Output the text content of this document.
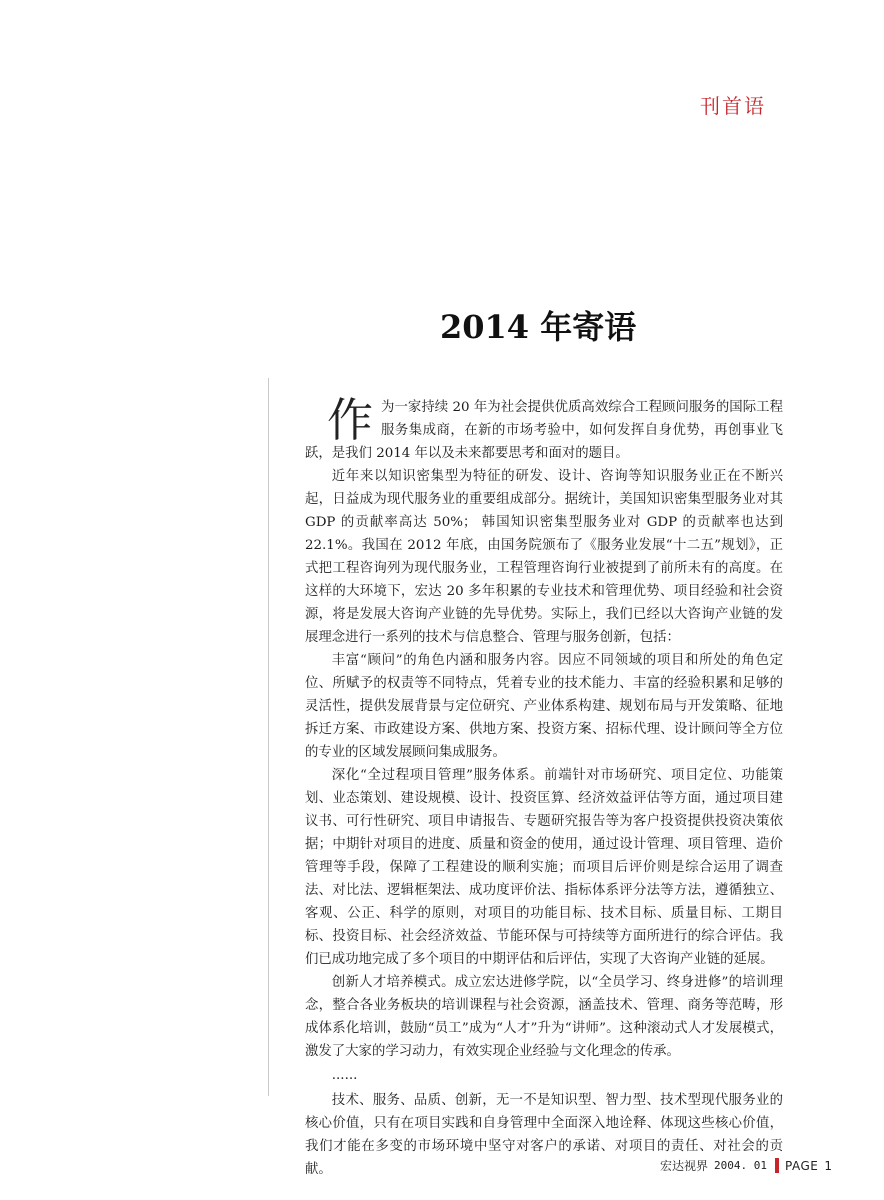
刊首语
2014 年寄语

作为一家持续 20 年为社会提供优质高效综合工程顾问服务的国际工程服务集成商，在新的市场考验中，如何发挥自身优势，再创事业飞跃，是我们 2014 年以及未来都要思考和面对的题目。

近年来以知识密集型为特征的研发、设计、咨询等知识服务业正在不断兴起，日益成为现代服务业的重要组成部分。据统计，美国知识密集型服务业对其 GDP 的贡献率高达 50%； 韩国知识密集型服务业对 GDP 的贡献率也达到 22.1%。我国在 2012 年底，由国务院颁布了《服务业发展“十二五”规划》，正式把工程咨询列为现代服务业，工程管理咨询行业被提到了前所未有的高度。在这样的大环境下，宏达 20 多年积累的专业技术和管理优势、项目经验和社会资源，将是发展大咨询产业链的先导优势。实际上，我们已经以大咨询产业链的发展理念进行一系列的技术与信息整合、管理与服务创新，包括：

丰富“顾问”的角色内涵和服务内容。因应不同领域的项目和所处的角色定位、所赋予的权责等不同特点，凭着专业的技术能力、丰富的经验积累和足够的灵活性，提供发展背景与定位研究、产业体系构建、规划布局与开发策略、征地拆迁方案、市政建设方案、供地方案、投资方案、招标代理、设计顾问等全方位的专业的区域发展顾问集成服务。

深化“全过程项目管理”服务体系。前端针对市场研究、项目定位、功能策划、业态策划、建设规模、设计、投资匡算、经济效益评估等方面，通过项目建议书、可行性研究、项目申请报告、专题研究报告等为客户投资提供投资决策依据；中期针对项目的进度、质量和资金的使用，通过设计管理、项目管理、造价管理等手段，保障了工程建设的顺利实施；而项目后评价则是综合运用了调查法、对比法、逻辑框架法、成功度评价法、指标体系评分法等方法，遵循独立、客观、公正、科学的原则，对项目的功能目标、技术目标、质量目标、工期目标、投资目标、社会经济效益、节能环保与可持续等方面所进行的综合评估。我们已成功地完成了多个项目的中期评估和后评估，实现了大咨询产业链的延展。

创新人才培养模式。成立宏达进修学院，以“全员学习、终身进修”的培训理念，整合各业务板块的培训课程与社会资源，涵盖技术、管理、商务等范畴，形成体系化培训，鼓励“员工”成为“人才”升为“讲师”。这种滚动式人才发展模式，激发了大家的学习动力，有效实现企业经验与文化理念的传承。

......

技术、服务、品质、创新，无一不是知识型、智力型、技术型现代服务业的核心价值，只有在项目实践和自身管理中全面深入地诠释、体现这些核心价值，我们才能在多变的市场环境中坚守对客户的承诺、对项目的责任、对社会的贡献。	宏达视界 2004. 01 PAGE 1
